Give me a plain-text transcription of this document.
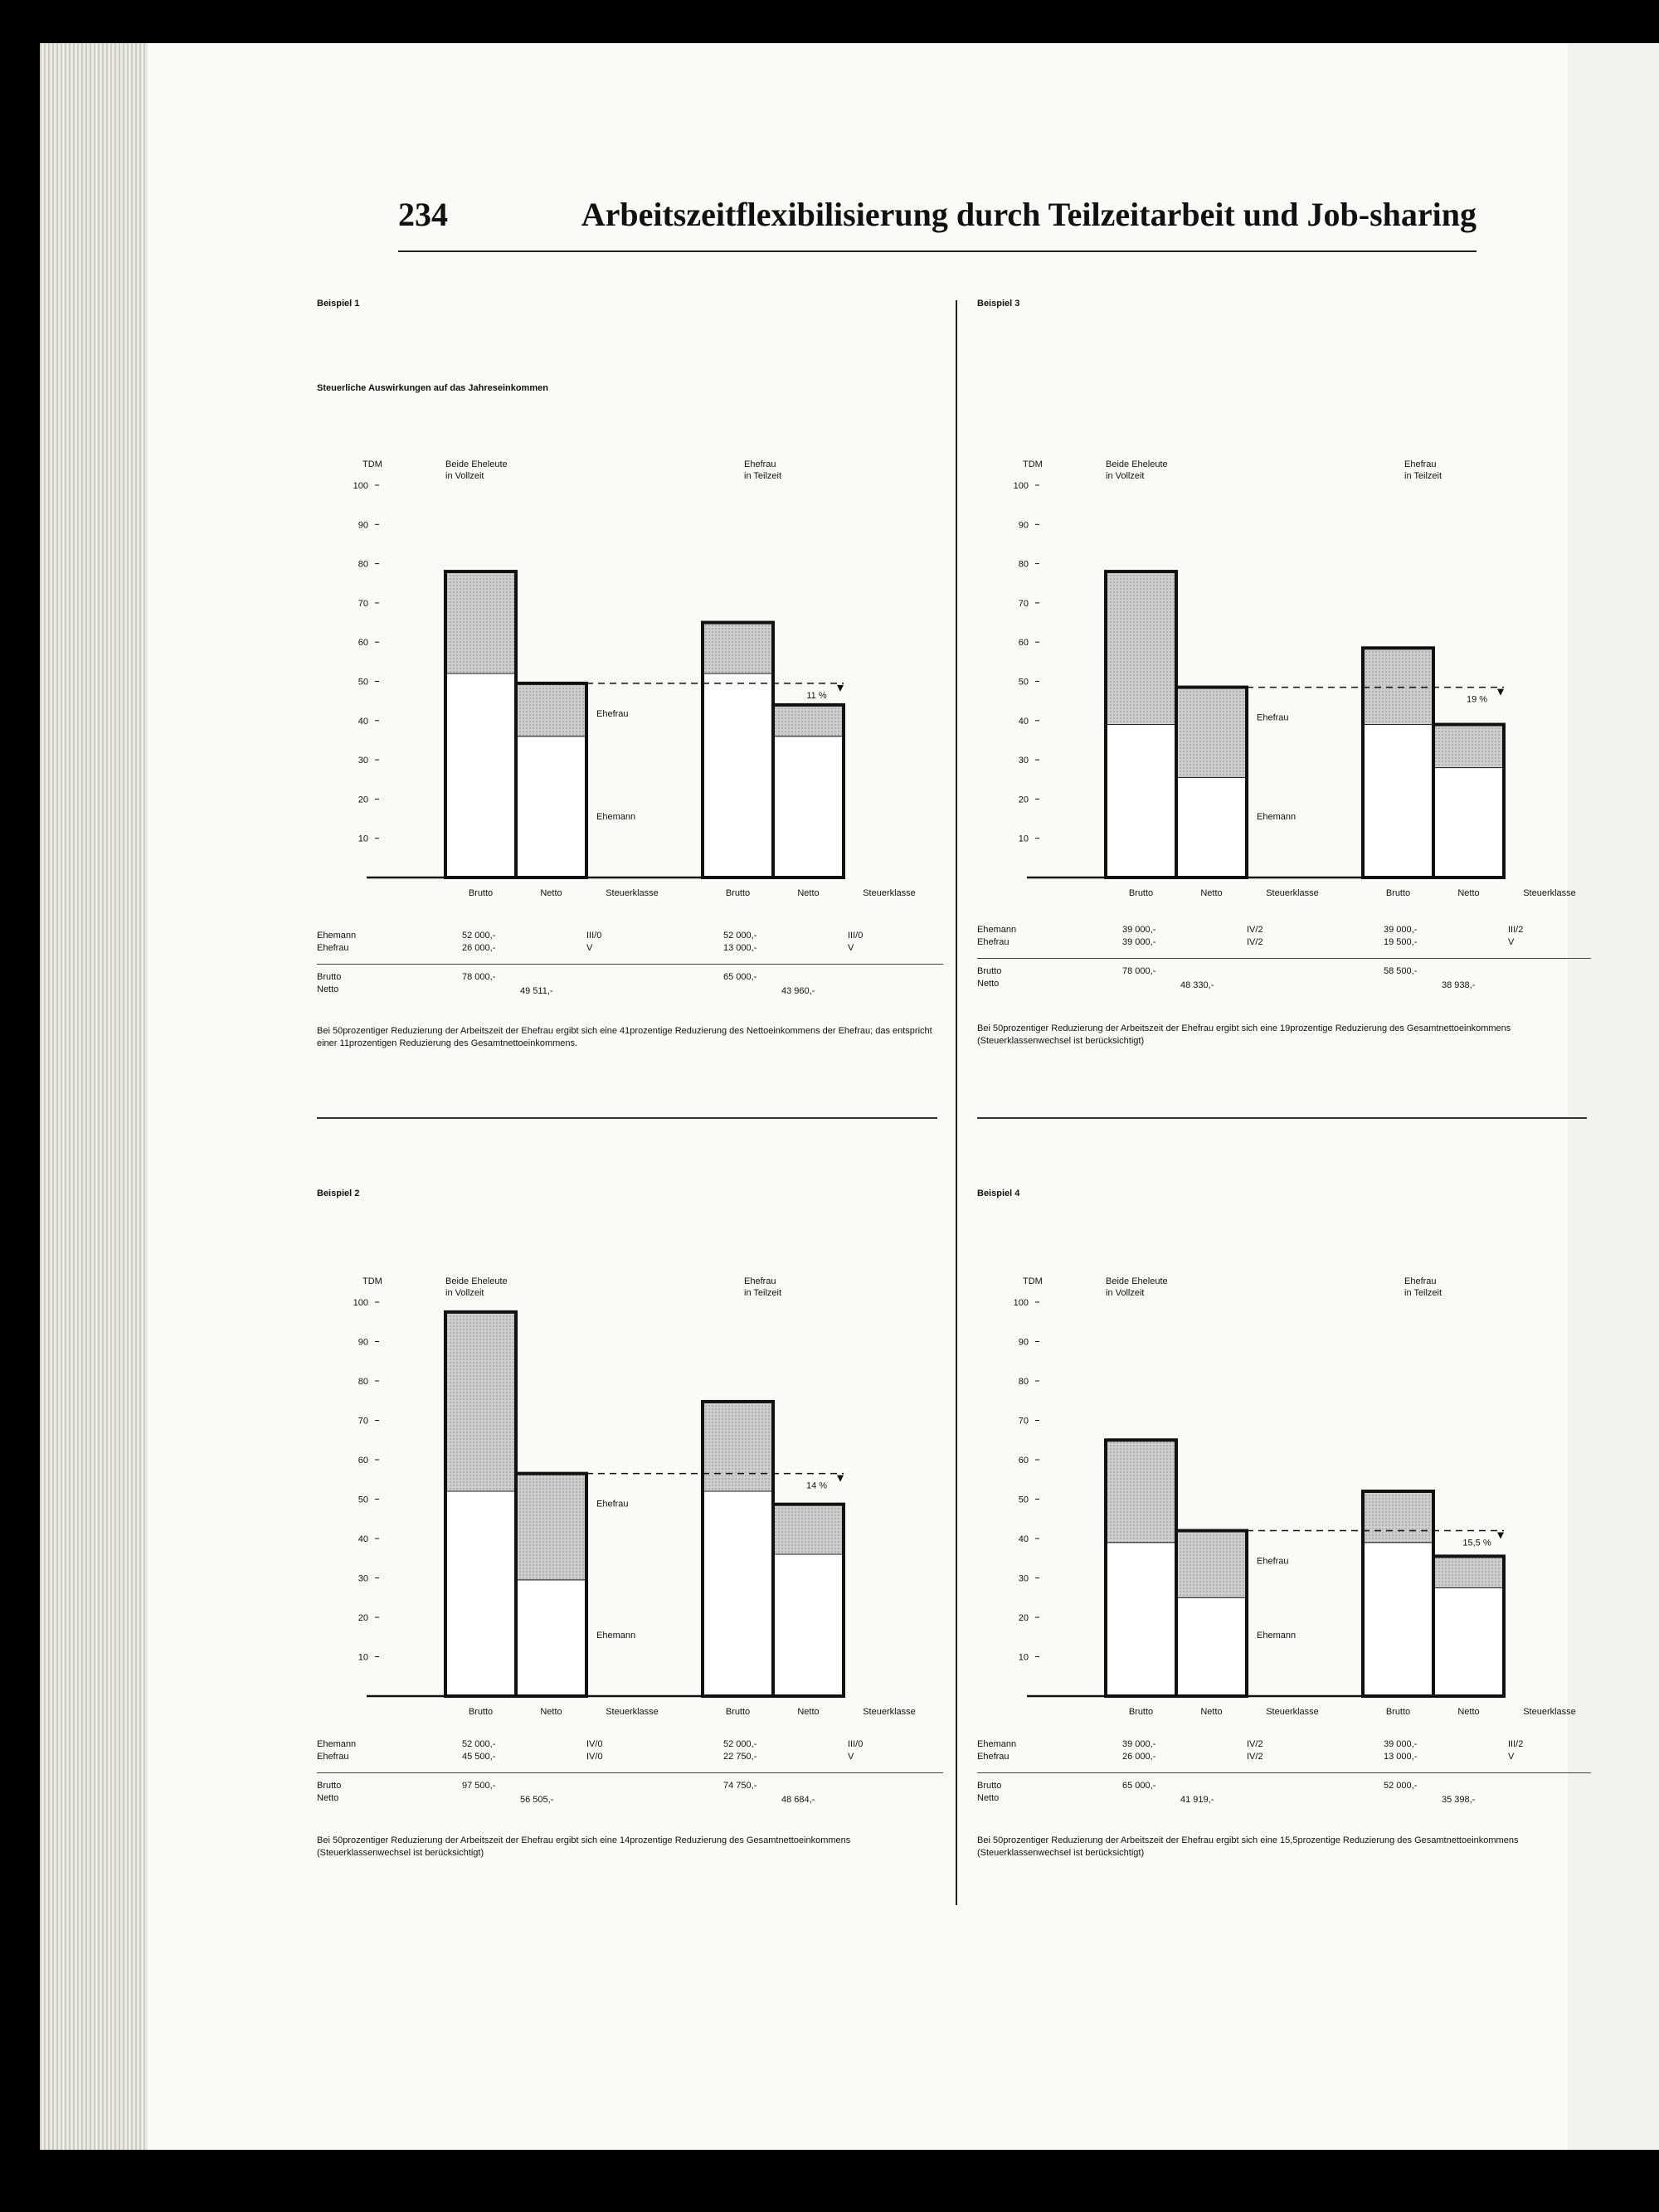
234	Arbeitszeitflexibilisierung durch Teilzeitarbeit und Job-sharing
Steuerliche Auswirkungen auf das Jahreseinkommen
Beispiel 1
TDM
100
90
80
70
60
50
40
30
20
10
Beide Eheleute
in Vollzeit
Ehefrau
in Teilzeit
11 %
Ehefrau
Ehemann
Brutto	Netto	Steuerklasse	Brutto	Netto	Steuerklasse
Ehemann	52 000,-	III/0	52 000,-	III/0
Ehefrau	26 000,-	V	13 000,-	V
Brutto	78 000,-	65 000,-
Netto	49 511,-	43 960,-
Bei 50prozentiger Reduzierung der Arbeitszeit der Ehefrau ergibt sich eine 41prozentige Reduzierung des Nettoeinkommens der Ehefrau; das entspricht einer 11prozentigen Reduzierung des Gesamtnettoeinkommens.
Beispiel 3
TDM
100
90
80
70
60
50
40
30
20
10
Beide Eheleute
in Vollzeit
Ehefrau
in Teilzeit
19 %
Ehefrau
Ehemann
Brutto	Netto	Steuerklasse	Brutto	Netto	Steuerklasse
Ehemann	39 000,-	IV/2	39 000,-	III/2
Ehefrau	39 000,-	IV/2	19 500,-	V
Brutto	78 000,-	58 500,-
Netto	48 330,-	38 938,-
Bei 50prozentiger Reduzierung der Arbeitszeit der Ehefrau ergibt sich eine 19prozentige Reduzierung des Gesamtnettoeinkommens (Steuerklassenwechsel ist berücksichtigt)
Beispiel 2
TDM
100
90
80
70
60
50
40
30
20
10
Beide Eheleute
in Vollzeit
Ehefrau
in Teilzeit
14 %
Ehefrau
Ehemann
Brutto	Netto	Steuerklasse	Brutto	Netto	Steuerklasse
Ehemann	52 000,-	IV/0	52 000,-	III/0
Ehefrau	45 500,-	IV/0	22 750,-	V
Brutto	97 500,-	74 750,-
Netto	56 505,-	48 684,-
Bei 50prozentiger Reduzierung der Arbeitszeit der Ehefrau ergibt sich eine 14prozentige Reduzierung des Gesamtnettoeinkommens (Steuerklassenwechsel ist berücksichtigt)
Beispiel 4
TDM
100
90
80
70
60
50
40
30
20
10
Beide Eheleute
in Vollzeit
Ehefrau
in Teilzeit
15,5 %
Ehefrau
Ehemann
Brutto	Netto	Steuerklasse	Brutto	Netto	Steuerklasse
Ehemann	39 000,-	IV/2	39 000,-	III/2
Ehefrau	26 000,-	IV/2	13 000,-	V
Brutto	65 000,-	52 000,-
Netto	41 919,-	35 398,-
Bei 50prozentiger Reduzierung der Arbeitszeit der Ehefrau ergibt sich eine 15,5prozentige Reduzierung des Gesamtnettoeinkommens (Steuerklassenwechsel ist berücksichtigt)
